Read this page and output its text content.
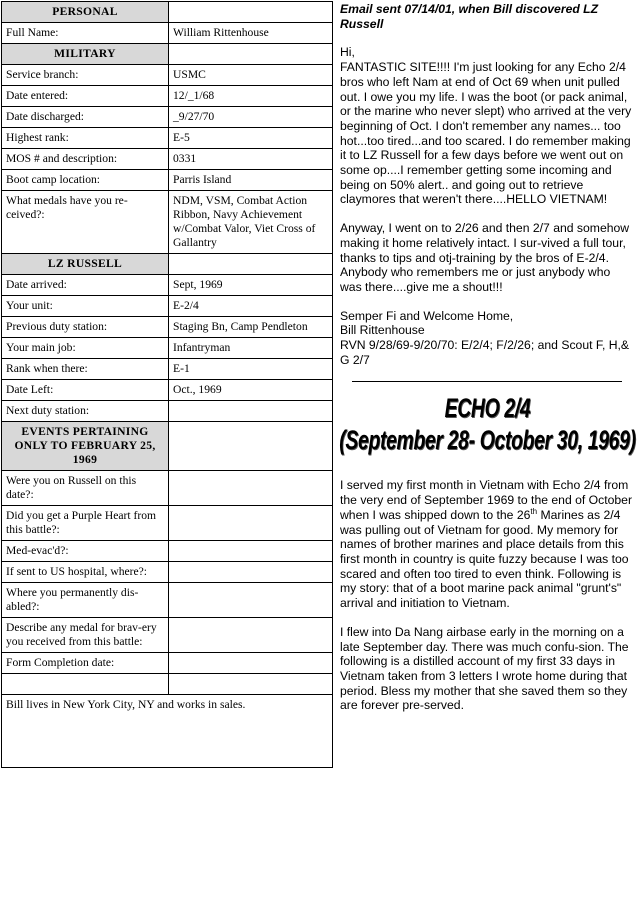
PERSONAL	
Full Name:	William Rittenhouse
MILITARY	
Service branch:	USMC
Date entered:	12/_1/68
Date discharged:	_9/27/70
Highest rank:	E-5
MOS # and description:	0331
Boot camp location:	Parris Island
What medals have you re-ceived?:	NDM, VSM, Combat Action Ribbon, Navy Achievement w/Combat Valor, Viet Cross of Gallantry
LZ RUSSELL	
Date arrived:	Sept, 1969
Your unit:	E-2/4
Previous duty station:	Staging Bn, Camp Pendleton
Your main job:	Infantryman
Rank when there:	E-1
Date Left:	Oct., 1969
Next duty station:	
EVENTS PERTAINING ONLY TO FEBRUARY 25, 1969	
Were you on Russell on this date?:	
Did you get a Purple Heart from this battle?:	
Med-evac'd?:	
If sent to US hospital, where?:	
Where you permanently dis-abled?:	
Describe any medal for brav-ery you received from this battle:	
Form Completion date:	

Bill lives in New York City, NY and works in sales.	
Email sent 07/14/01, when Bill discovered LZ Russell
Hi,
FANTASTIC SITE!!!! I'm just looking for any Echo 2/4 bros who left Nam at end of Oct 69 when unit pulled out. I owe you my life. I was the boot (or pack animal, or the marine who never slept) who arrived at the very beginning of Oct. I don't remember any names... too hot...too tired...and too scared. I do remember making it to LZ Russell for a few days before we went out on some op....I remember getting some incoming and being on 50% alert.. and going out to retrieve claymores that weren't there....HELLO VIETNAM!
Anyway, I went on to 2/26 and then 2/7 and somehow making it home relatively intact. I sur-vived a full tour, thanks to tips and otj-training by the bros of E-2/4. Anybody who remembers me or just anybody who was there....give me a shout!!!
Semper Fi and Welcome Home,
Bill Rittenhouse
RVN 9/28/69-9/20/70: E/2/4; F/2/26; and Scout F, H,& G 2/7
ECHO 2/4
(September 28- October 30, 1969)
I served my first month in Vietnam with Echo 2/4 from the very end of September 1969 to the end of October when I was shipped down to the 26th Marines as 2/4 was pulling out of Vietnam for good. My memory for names of brother marines and place details from this first month in country is quite fuzzy because I was too scared and often too tired to even think. Following is my story: that of a boot marine pack animal "grunt's" arrival and initiation to Vietnam.
I flew into Da Nang airbase early in the morning on a late September day. There was much confu-sion. The following is a distilled account of my first 33 days in Vietnam taken from 3 letters I wrote home during that period. Bless my mother that she saved them so they are forever pre-served.
